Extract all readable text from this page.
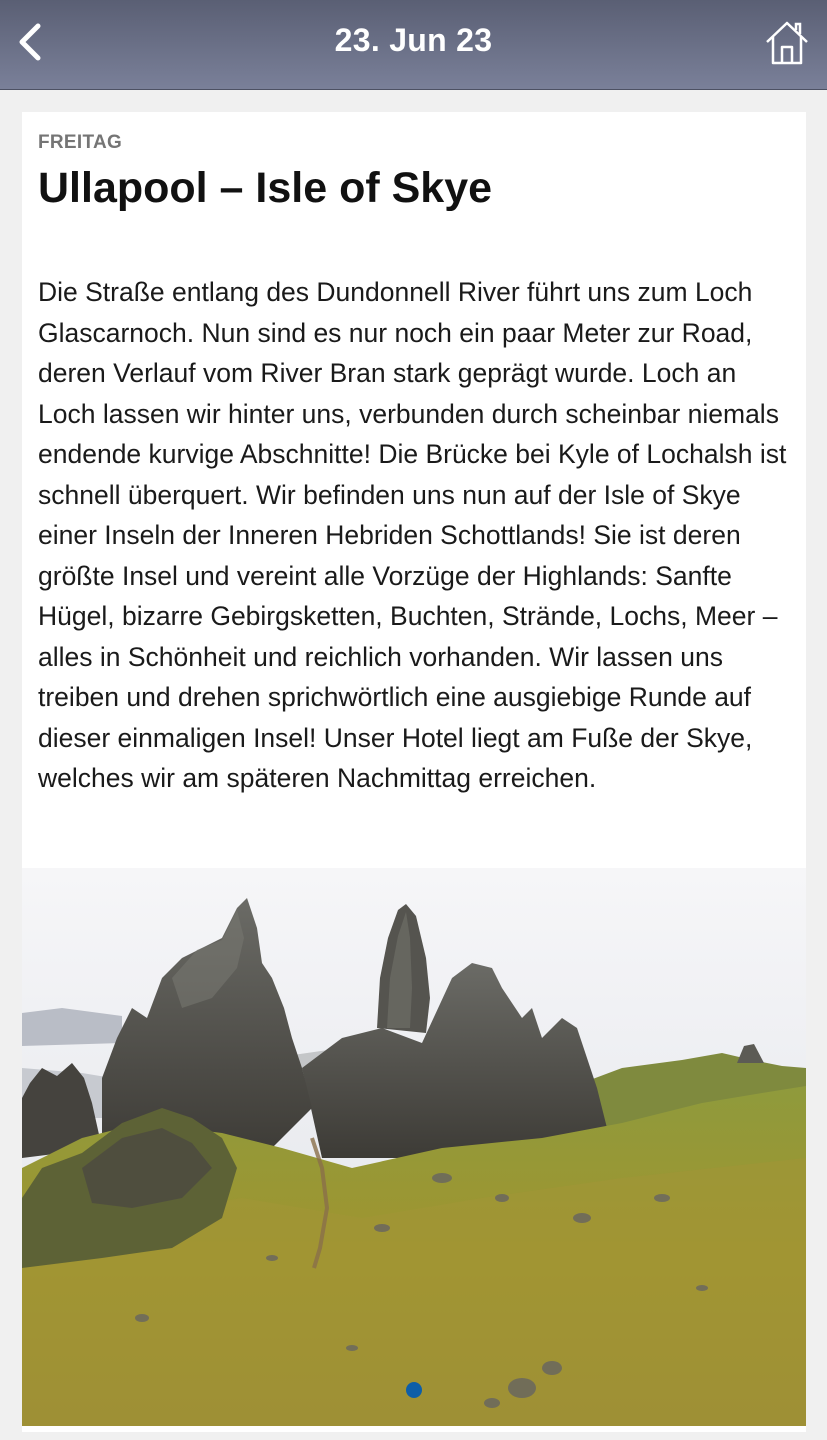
23. Jun 23
FREITAG
Ullapool – Isle of Skye

Die Straße entlang des Dundonnell River führt uns zum Loch Glascarnoch. Nun sind es nur noch ein paar Meter zur Road, deren Verlauf vom River Bran stark geprägt wurde. Loch an Loch lassen wir hinter uns, verbunden durch scheinbar niemals endende kurvige Abschnitte! Die Brücke bei Kyle of Lochalsh ist schnell überquert. Wir befinden uns nun auf der Isle of Skye einer Inseln der Inneren Hebriden Schottlands! Sie ist deren größte Insel und vereint alle Vorzüge der Highlands: Sanfte Hügel, bizarre Gebirgsketten, Buchten, Strände, Lochs, Meer – alles in Schönheit und reichlich vorhanden. Wir lassen uns treiben und drehen sprichwörtlich eine ausgiebige Runde auf dieser einmaligen Insel! Unser Hotel liegt am Fuße der Skye, welches wir am späteren Nachmittag erreichen.
